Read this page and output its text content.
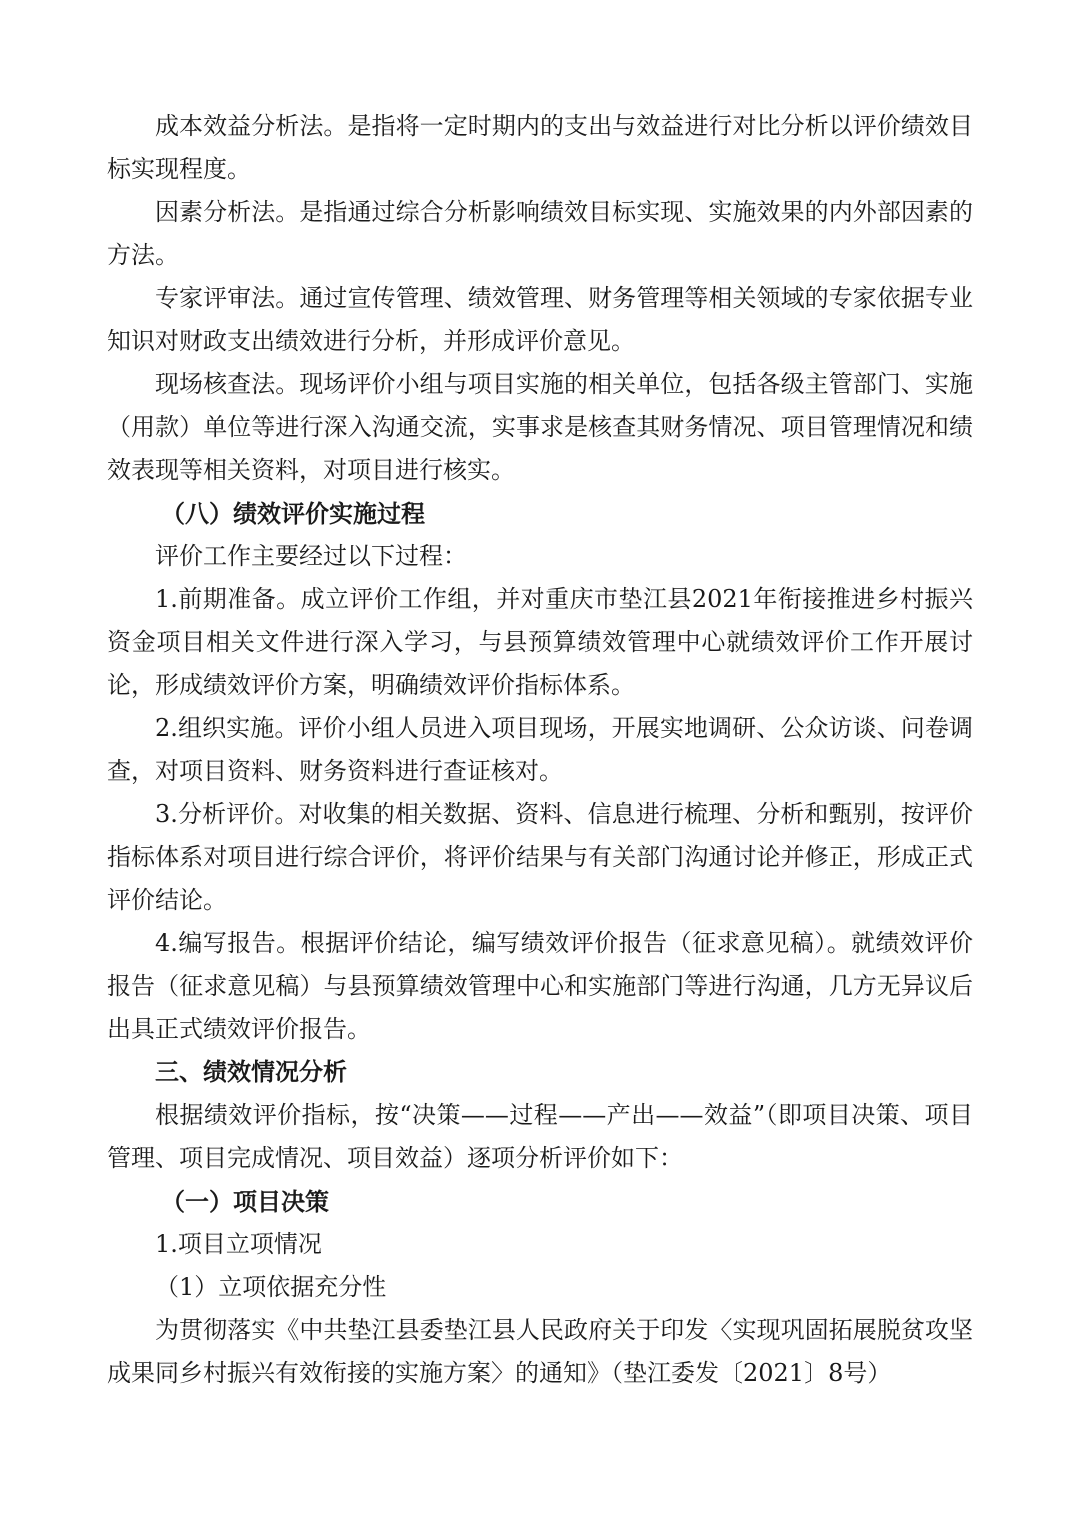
成本效益分析法。是指将一定时期内的支出与效益进行对比分析以评价绩效目标实现程度。

因素分析法。是指通过综合分析影响绩效目标实现、实施效果的内外部因素的方法。

专家评审法。通过宣传管理、绩效管理、财务管理等相关领域的专家依据专业知识对财政支出绩效进行分析，并形成评价意见。

现场核查法。现场评价小组与项目实施的相关单位，包括各级主管部门、实施（用款）单位等进行深入沟通交流，实事求是核查其财务情况、项目管理情况和绩效表现等相关资料，对项目进行核实。

（八）绩效评价实施过程

评价工作主要经过以下过程：

1.前期准备。成立评价工作组，并对重庆市垫江县2021年衔接推进乡村振兴资金项目相关文件进行深入学习，与县预算绩效管理中心就绩效评价工作开展讨论，形成绩效评价方案，明确绩效评价指标体系。

2.组织实施。评价小组人员进入项目现场，开展实地调研、公众访谈、问卷调查，对项目资料、财务资料进行查证核对。

3.分析评价。对收集的相关数据、资料、信息进行梳理、分析和甄别，按评价指标体系对项目进行综合评价，将评价结果与有关部门沟通讨论并修正，形成正式评价结论。

4.编写报告。根据评价结论，编写绩效评价报告（征求意见稿）。就绩效评价报告（征求意见稿）与县预算绩效管理中心和实施部门等进行沟通，几方无异议后出具正式绩效评价报告。

三、绩效情况分析

根据绩效评价指标，按“决策——过程——产出——效益”（即项目决策、项目管理、项目完成情况、项目效益）逐项分析评价如下：

（一）项目决策

1.项目立项情况

（1）立项依据充分性

为贯彻落实《中共垫江县委垫江县人民政府关于印发〈实现巩固拓展脱贫攻坚成果同乡村振兴有效衔接的实施方案〉的通知》（垫江委发〔2021〕8号）
